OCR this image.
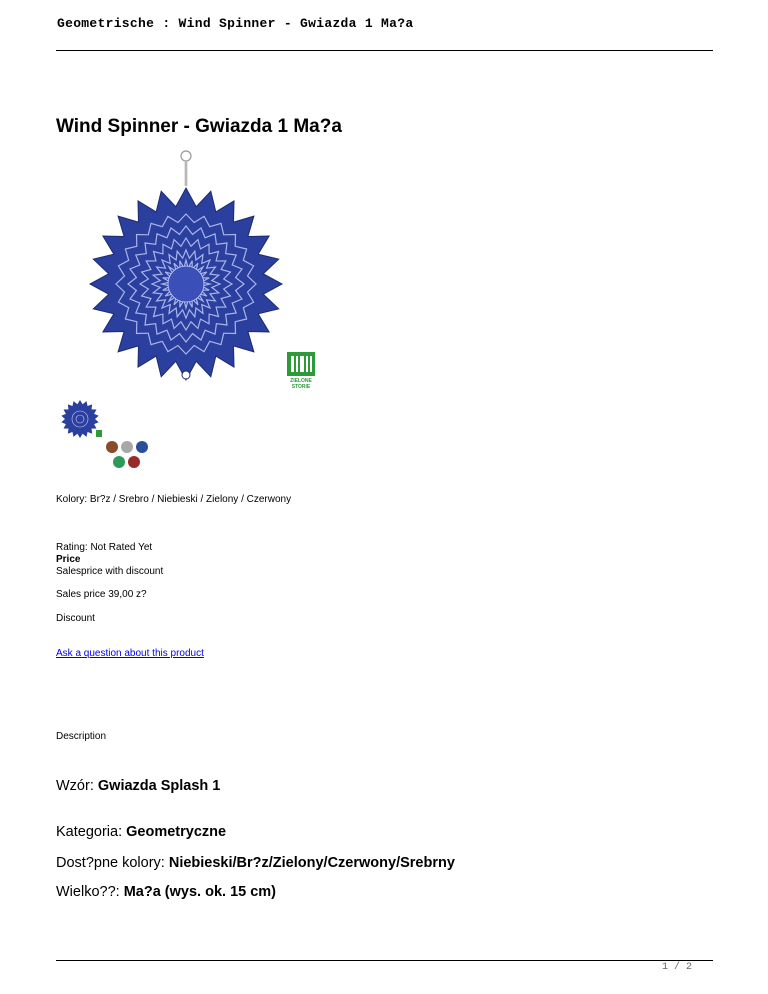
Geometrische : Wind Spinner - Gwiazda 1 Ma?a
Wind Spinner - Gwiazda 1 Ma?a
ZIELONE
STORIE
Kolory: Br?z / Srebro / Niebieski / Zielony / Czerwony
Rating: Not Rated Yet
Price
Salesprice with discount
Sales price 39,00 z?
Discount
Ask a question about this product
Description
Wzór: Gwiazda Splash 1
Kategoria: Geometryczne
Dost?pne kolory: Niebieski/Br?z/Zielony/Czerwony/Srebrny
Wielko??: Ma?a (wys. ok. 15 cm)
1 / 2
